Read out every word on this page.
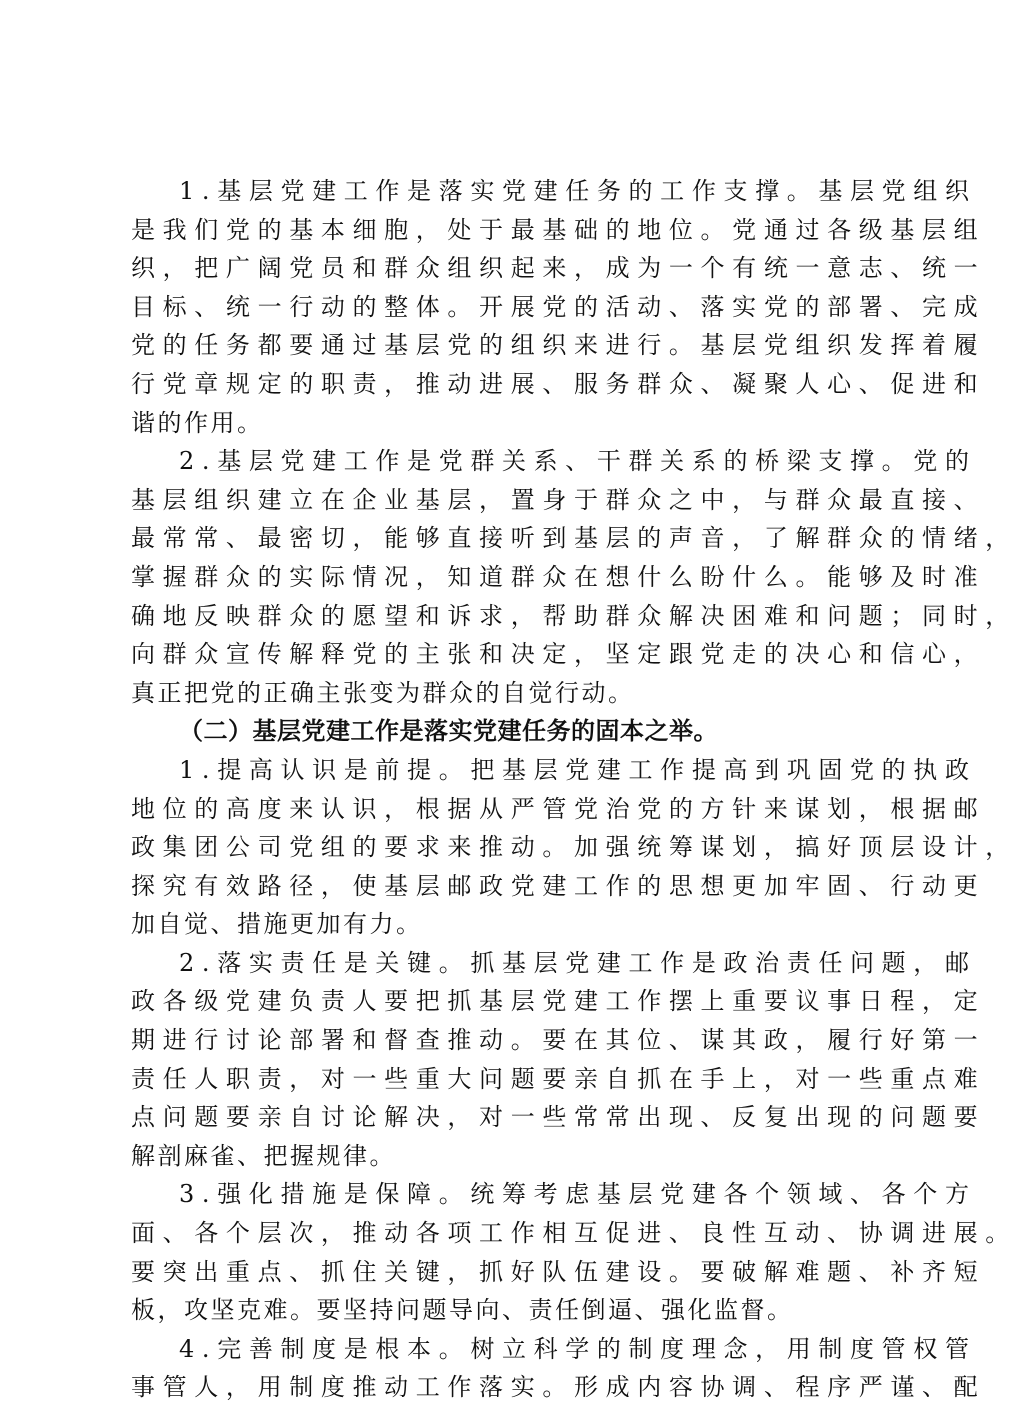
1 . 基 层 党 建 工 作 是 落 实 党 建 任 务 的 工 作 支 撑 。 基 层 党 组 织
是 我 们 党 的 基 本 细 胞 ， 处 于 最 基 础 的 地 位 。 党 通 过 各 级 基 层 组
织 ， 把 广 阔 党 员 和 群 众 组 织 起 来 ， 成 为 一 个 有 统 一 意 志 、 统 一
目 标 、 统 一 行 动 的 整 体 。 开 展 党 的 活 动 、 落 实 党 的 部 署 、 完 成
党 的 任 务 都 要 通 过 基 层 党 的 组 织 来 进 行 。 基 层 党 组 织 发 挥 着 履
行 党 章 规 定 的 职 责 ， 推 动 进 展 、 服 务 群 众 、 凝 聚 人 心 、 促 进 和
谐的作用。
2 . 基 层 党 建 工 作 是 党 群 关 系 、 干 群 关 系 的 桥 梁 支 撑 。 党 的
基 层 组 织 建 立 在 企 业 基 层 ， 置 身 于 群 众 之 中 ， 与 群 众 最 直 接 、
最 常 常 、 最 密 切 ， 能 够 直 接 听 到 基 层 的 声 音 ， 了 解 群 众 的 情 绪 ，
掌 握 群 众 的 实 际 情 况 ， 知 道 群 众 在 想 什 么 盼 什 么 。 能 够 及 时 准
确 地 反 映 群 众 的 愿 望 和 诉 求 ， 帮 助 群 众 解 决 困 难 和 问 题 ； 同 时 ，
向 群 众 宣 传 解 释 党 的 主 张 和 决 定 ， 坚 定 跟 党 走 的 决 心 和 信 心 ，
真正把党的正确主张变为群众的自觉行动。
（二）基层党建工作是落实党建任务的固本之举。
1 . 提 高 认 识 是 前 提 。 把 基 层 党 建 工 作 提 高 到 巩 固 党 的 执 政
地 位 的 高 度 来 认 识 ， 根 据 从 严 管 党 治 党 的 方 针 来 谋 划 ， 根 据 邮
政 集 团 公 司 党 组 的 要 求 来 推 动 。 加 强 统 筹 谋 划 ， 搞 好 顶 层 设 计 ，
探 究 有 效 路 径 ， 使 基 层 邮 政 党 建 工 作 的 思 想 更 加 牢 固 、 行 动 更
加自觉、措施更加有力。
2 . 落 实 责 任 是 关 键 。 抓 基 层 党 建 工 作 是 政 治 责 任 问 题 ， 邮
政 各 级 党 建 负 责 人 要 把 抓 基 层 党 建 工 作 摆 上 重 要 议 事 日 程 ， 定
期 进 行 讨 论 部 署 和 督 查 推 动 。 要 在 其 位 、 谋 其 政 ， 履 行 好 第 一
责 任 人 职 责 ， 对 一 些 重 大 问 题 要 亲 自 抓 在 手 上 ， 对 一 些 重 点 难
点 问 题 要 亲 自 讨 论 解 决 ， 对 一 些 常 常 出 现 、 反 复 出 现 的 问 题 要
解剖麻雀、把握规律。
3 . 强 化 措 施 是 保 障 。 统 筹 考 虑 基 层 党 建 各 个 领 域 、 各 个 方
面 、 各 个 层 次 ， 推 动 各 项 工 作 相 互 促 进 、 良 性 互 动 、 协 调 进 展 。
要 突 出 重 点 、 抓 住 关 键 ， 抓 好 队 伍 建 设 。 要 破 解 难 题 、 补 齐 短
板，攻坚克难。要坚持问题导向、责任倒逼、强化监督。
4 . 完 善 制 度 是 根 本 。 树 立 科 学 的 制 度 理 念 ， 用 制 度 管 权 管
事 管 人 ， 用 制 度 推 动 工 作 落 实 。 形 成 内 容 协 调 、 程 序 严 谨 、 配
